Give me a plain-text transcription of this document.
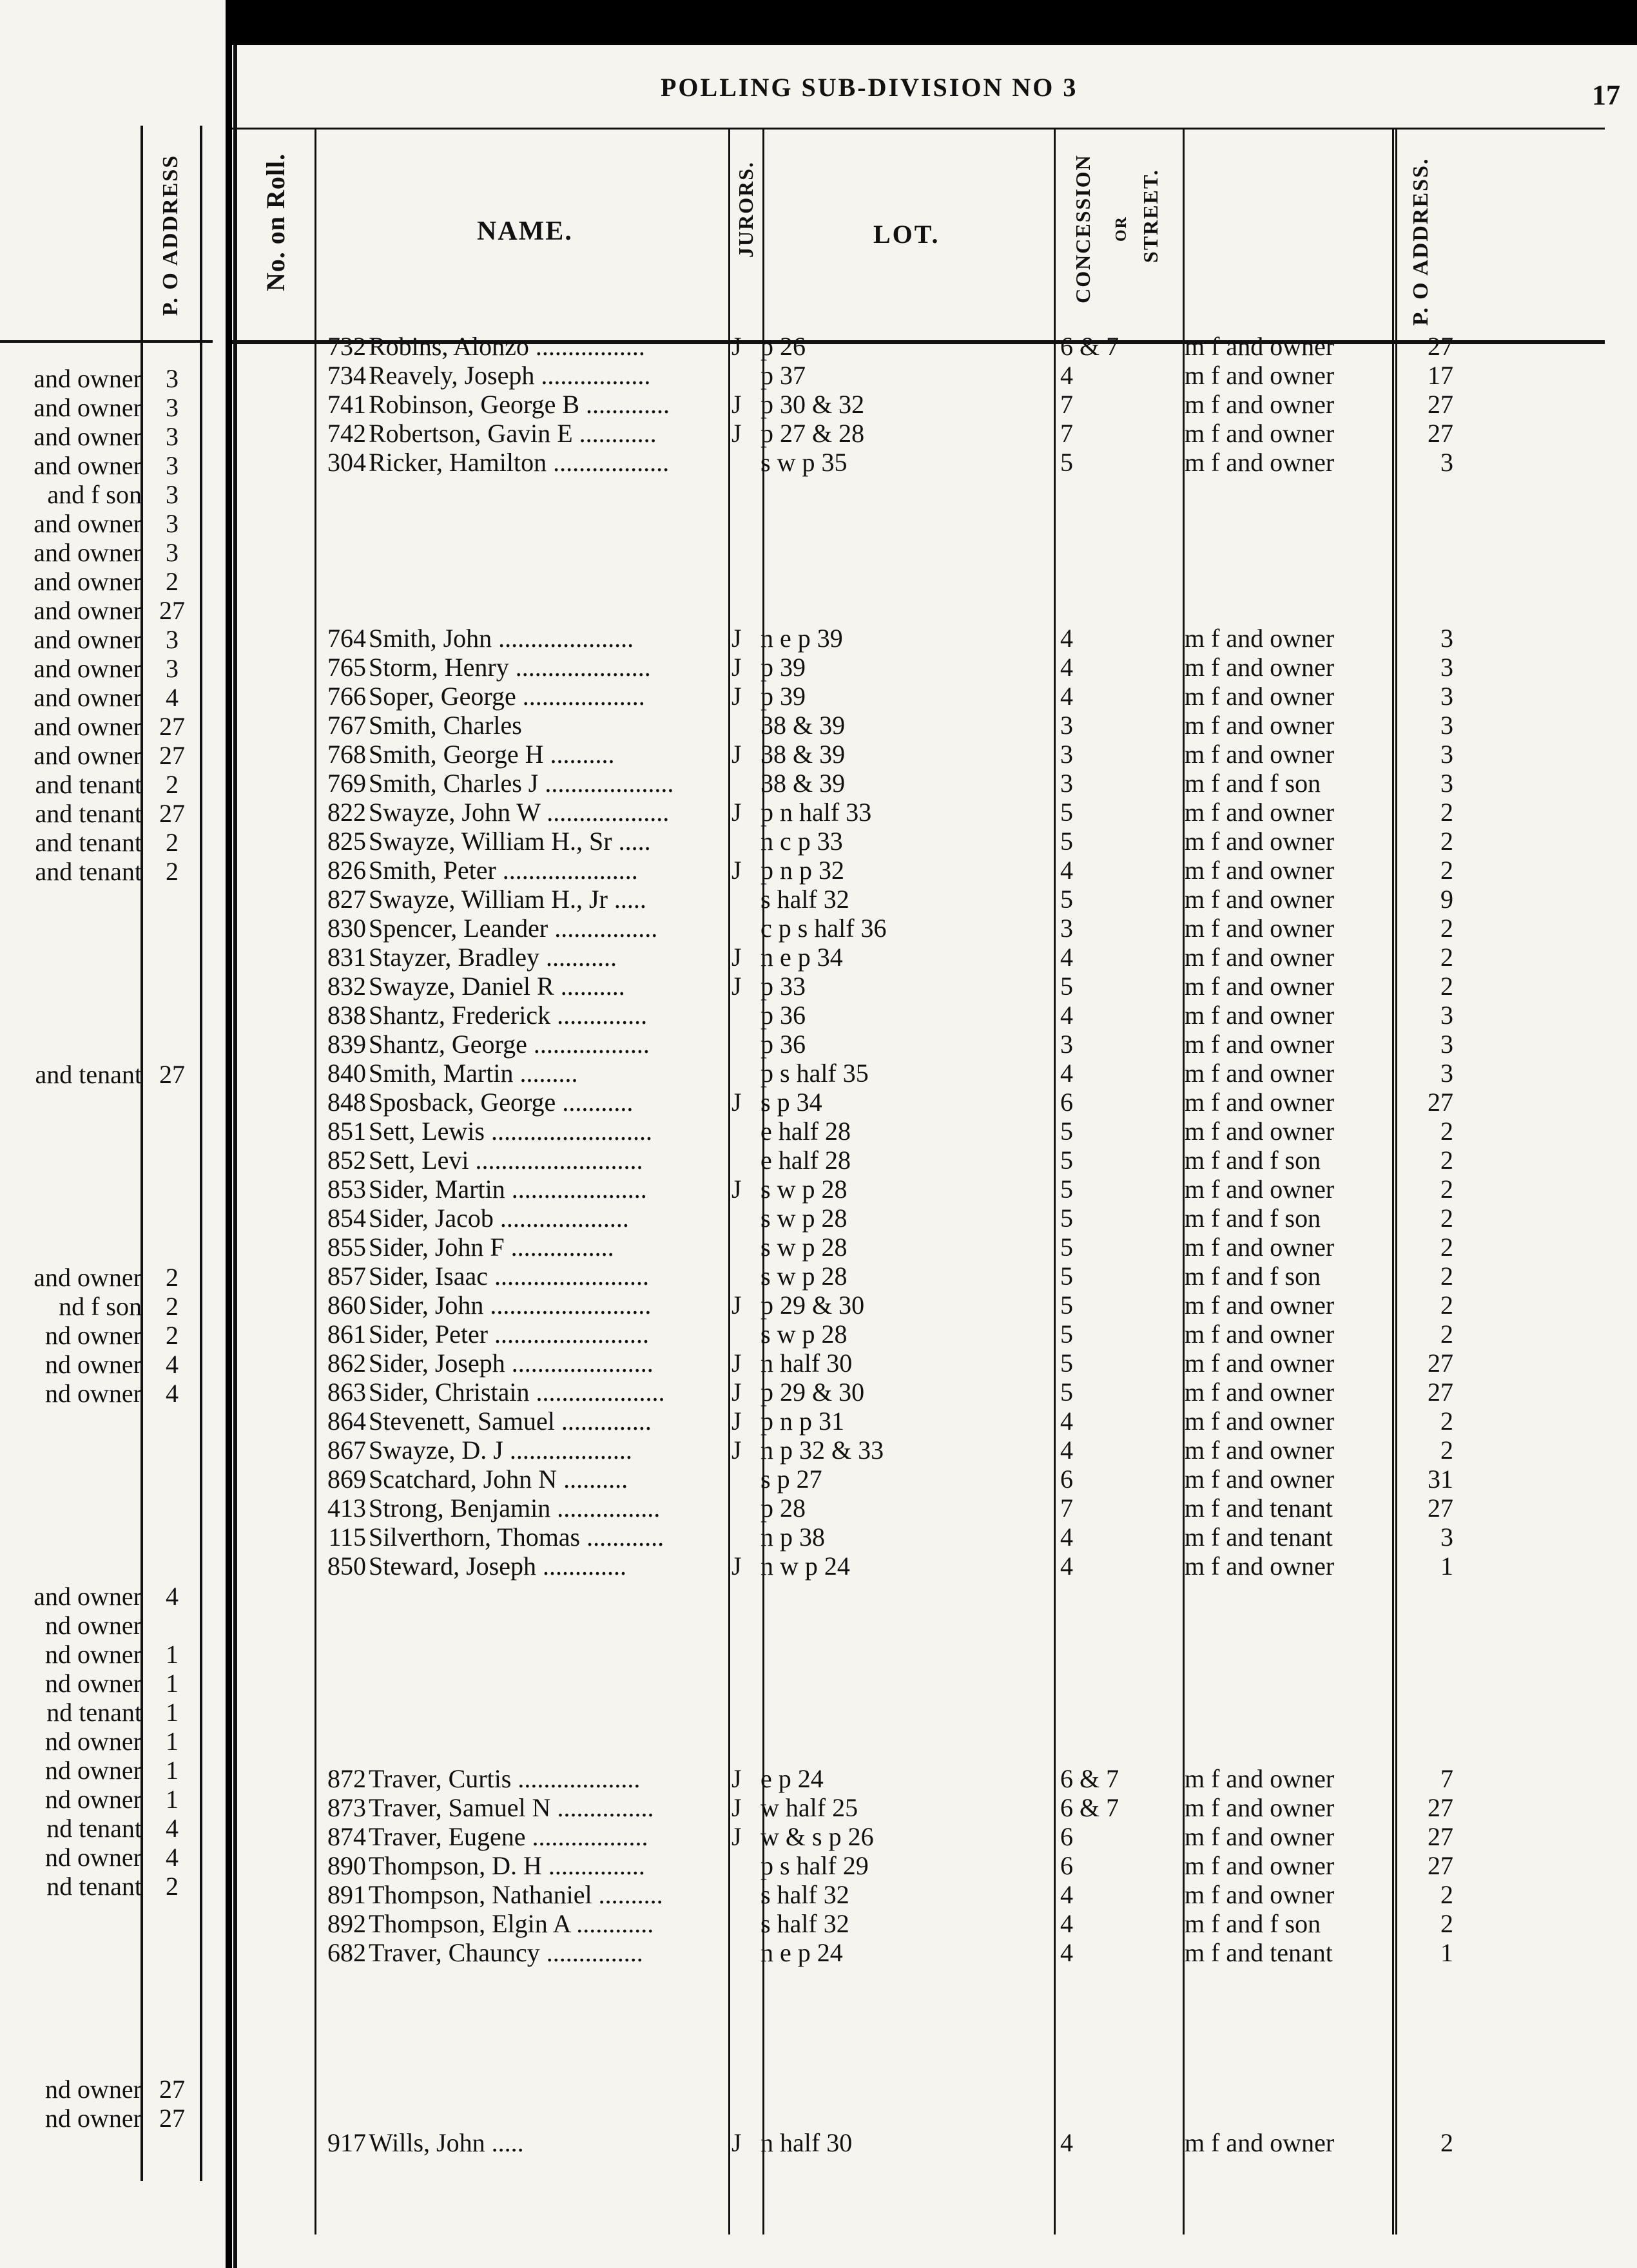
P. O ADDRESS
and owner 3
and owner 3
and owner 3
and owner 3
and f son 3
and owner 3
and owner 3
and owner 2
and owner 27
and owner 3
and owner 3
and owner 4
and owner 27
and owner 27
and tenant 2
and tenant 27
and tenant 2
and tenant 2
and tenant 27
and owner 2
nd f son 2
nd owner 2
nd owner 4
nd owner 4
and owner 4
nd owner
nd owner 1
nd owner 1
nd tenant 1
nd owner 1
nd owner 1
nd owner 1
nd tenant 4
nd owner 4
nd tenant 2
nd owner 27
nd owner 27
POLLING SUB-DIVISION NO 3	17
No. on Roll.	NAME.	JURORS.	LOT.	CONCESSION OR STREET.	P. O ADDRESS.
732 Robins, Alonzo .................	J p 26	6 & 7	m f and owner	27
734 Reavely, Joseph .................	p 37	4	m f and owner	17
741 Robinson, George B .............	J p 30 & 32	7	m f and owner	27
742 Robertson, Gavin E ............	J p 27 & 28	7	m f and owner	27
304 Ricker, Hamilton ..................	s w p 35	5	m f and owner	3
764 Smith, John .....................	J n e p 39	4	m f and owner	3
765 Storm, Henry .....................	J p 39	4	m f and owner	3
766 Soper, George ...................	J p 39	4	m f and owner	3
767 Smith, Charles	38 & 39	3	m f and owner	3
768 Smith, George H ..........	J 38 & 39	3	m f and owner	3
769 Smith, Charles J ....................	38 & 39	3	m f and f son	3
822 Swayze, John W ...................	J p n half 33	5	m f and owner	2
825 Swayze, William H., Sr .....	n c p 33	5	m f and owner	2
826 Smith, Peter .....................	J p n p 32	4	m f and owner	2
827 Swayze, William H., Jr .....	s half 32	5	m f and owner	9
830 Spencer, Leander ................	c p s half 36	3	m f and owner	2
831 Stayzer, Bradley ...........	J n e p 34	4	m f and owner	2
832 Swayze, Daniel R ..........	J p 33	5	m f and owner	2
838 Shantz, Frederick ..............	p 36	4	m f and owner	3
839 Shantz, George ..................	p 36	3	m f and owner	3
840 Smith, Martin .........	p s half 35	4	m f and owner	3
848 Sposback, George ...........	J s p 34	6	m f and owner	27
851 Sett, Lewis .........................	e half 28	5	m f and owner	2
852 Sett, Levi ..........................	e half 28	5	m f and f son	2
853 Sider, Martin .....................	J s w p 28	5	m f and owner	2
854 Sider, Jacob ....................	s w p 28	5	m f and f son	2
855 Sider, John F ................	s w p 28	5	m f and owner	2
857 Sider, Isaac ........................	s w p 28	5	m f and f son	2
860 Sider, John .........................	J p 29 & 30	5	m f and owner	2
861 Sider, Peter ........................	s w p 28	5	m f and owner	2
862 Sider, Joseph ......................	J n half 30	5	m f and owner	27
863 Sider, Christain ....................	J p 29 & 30	5	m f and owner	27
864 Stevenett, Samuel ..............	J p n p 31	4	m f and owner	2
867 Swayze, D. J ...................	J n p 32 & 33	4	m f and owner	2
869 Scatchard, John N ..........	s p 27	6	m f and owner	31
413 Strong, Benjamin ................	p 28	7	m f and tenant	27
115 Silverthorn, Thomas ............	n p 38	4	m f and tenant	3
850 Steward, Joseph .............	J n w p 24	4	m f and owner	1
872 Traver, Curtis ...................	J e p 24	6 & 7	m f and owner	7
873 Traver, Samuel N ...............	J w half 25	6 & 7	m f and owner	27
874 Traver, Eugene ..................	J w & s p 26	6	m f and owner	27
890 Thompson, D. H ...............	p s half 29	6	m f and owner	27
891 Thompson, Nathaniel ..........	s half 32	4	m f and owner	2
892 Thompson, Elgin A ............	s half 32	4	m f and f son	2
682 Traver, Chauncy ...............	n e p 24	4	m f and tenant	1
917 Wills, John .....	J n half 30	4	m f and owner	2
